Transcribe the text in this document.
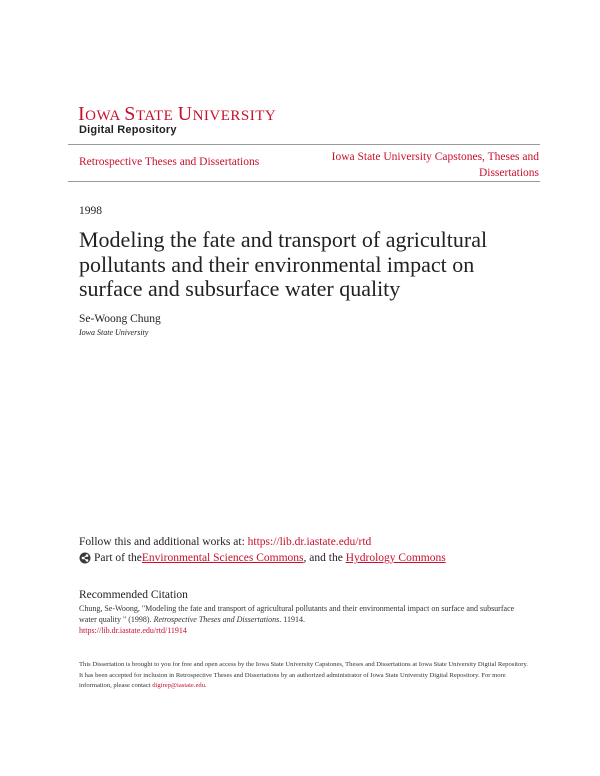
IOWA STATE UNIVERSITY
Digital Repository
Retrospective Theses and Dissertations	Iowa State University Capstones, Theses and Dissertations
1998
Modeling the fate and transport of agricultural pollutants and their environmental impact on surface and subsurface water quality
Se-Woong Chung
Iowa State University
Follow this and additional works at: https://lib.dr.iastate.edu/rtd
Part of the Environmental Sciences Commons , and the Hydrology Commons
Recommended Citation
Chung, Se-Woong, "Modeling the fate and transport of agricultural pollutants and their environmental impact on surface and subsurface water quality " (1998). Retrospective Theses and Dissertations. 11914.
https://lib.dr.iastate.edu/rtd/11914
This Dissertation is brought to you for free and open access by the Iowa State University Capstones, Theses and Dissertations at Iowa State University Digital Repository. It has been accepted for inclusion in Retrospective Theses and Dissertations by an authorized administrator of Iowa State University Digital Repository. For more information, please contact digirep@iastate.edu.
